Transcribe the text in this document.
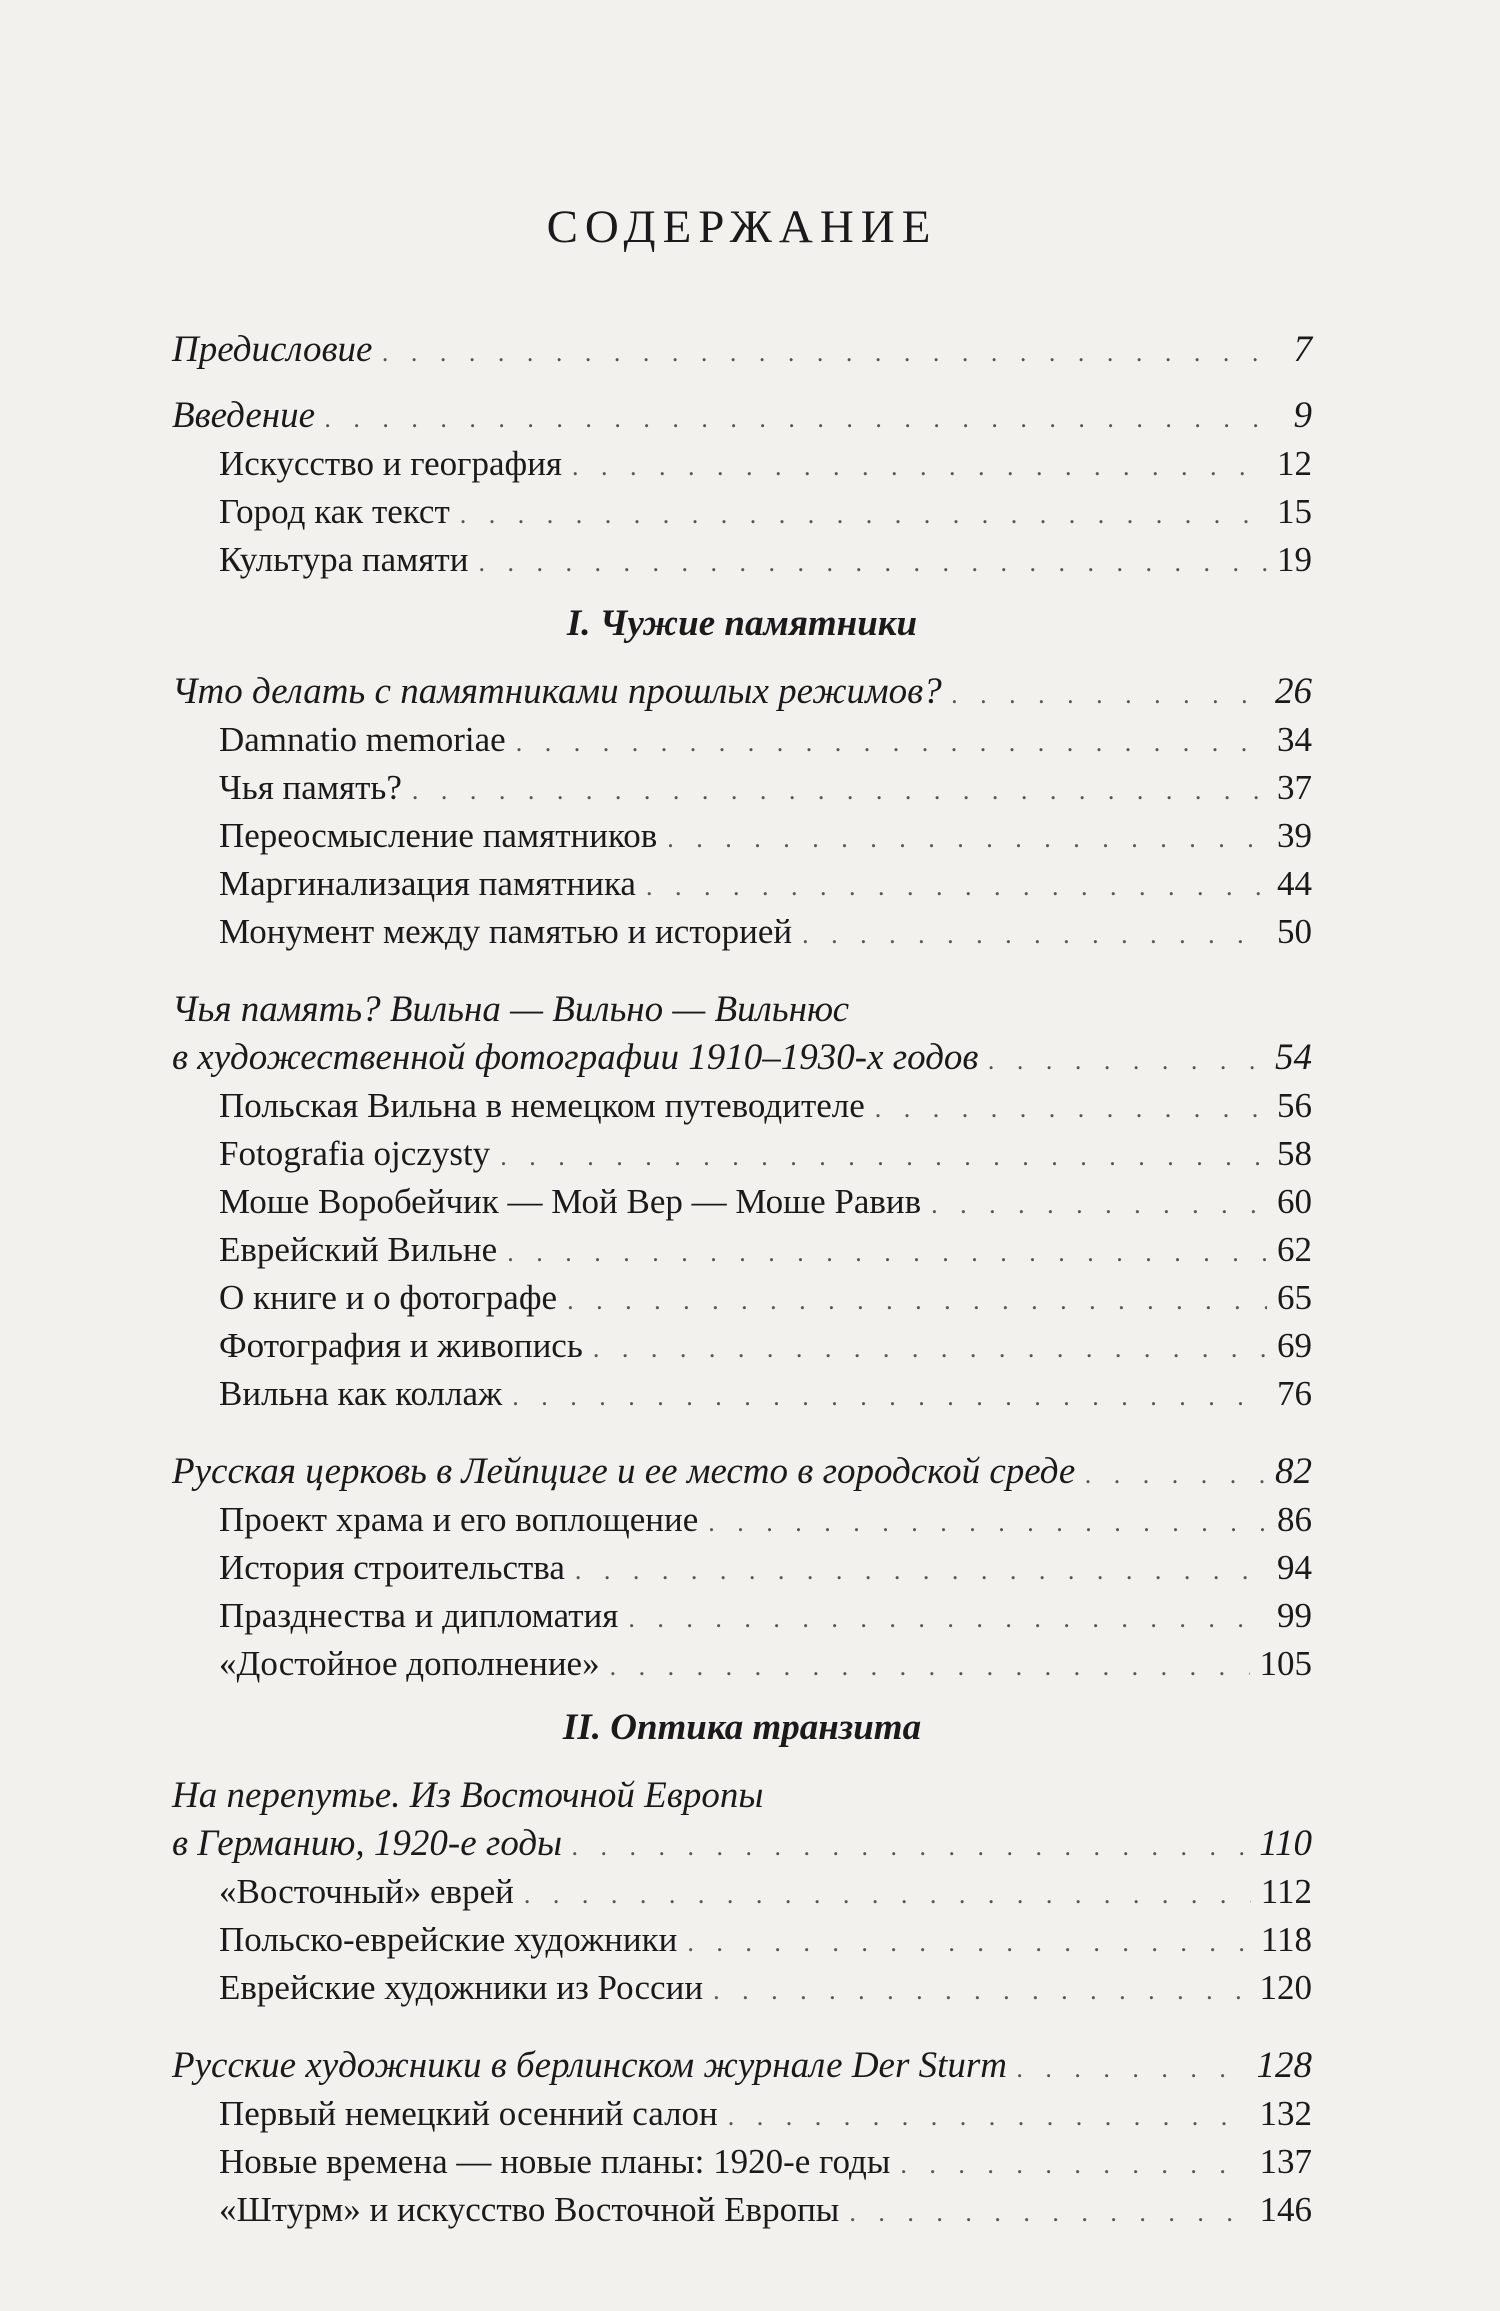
СОДЕРЖАНИЕ
Предисловие . . .	7
Введение . . .	9
Искусство и география . . .	12
Город как текст . . .	15
Культура памяти . . .	19
I. Чужие памятники
Что делать с памятниками прошлых режимов? . . .	26
Damnatio memoriae . . .	34
Чья память? . . .	37
Переосмысление памятников . . .	39
Маргинализация памятника . . .	44
Монумент между памятью и историей . . .	50
Чья память? Вильна — Вильно — Вильнюс
в художественной фотографии 1910–1930-х годов . . .	54
Польская Вильна в немецком путеводителе . . .	56
Fotografia ojczysty . . .	58
Моше Воробейчик — Мой Вер — Моше Равив . . .	60
Еврейский Вильне . . .	62
О книге и о фотографе . . .	65
Фотография и живопись . . .	69
Вильна как коллаж . . .	76
Русская церковь в Лейпциге и ее место в городской среде . . .	82
Проект храма и его воплощение . . .	86
История строительства . . .	94
Празднества и дипломатия . . .	99
«Достойное дополнение» . . .	105
II. Оптика транзита
На перепутье. Из Восточной Европы
в Германию, 1920-е годы . . .	110
«Восточный» еврей . . .	112
Польско-еврейские художники . . .	118
Еврейские художники из России . . .	120
Русские художники в берлинском журнале Der Sturm . . .	128
Первый немецкий осенний салон . . .	132
Новые времена — новые планы: 1920-е годы . . .	137
«Штурм» и искусство Восточной Европы . . .	146
